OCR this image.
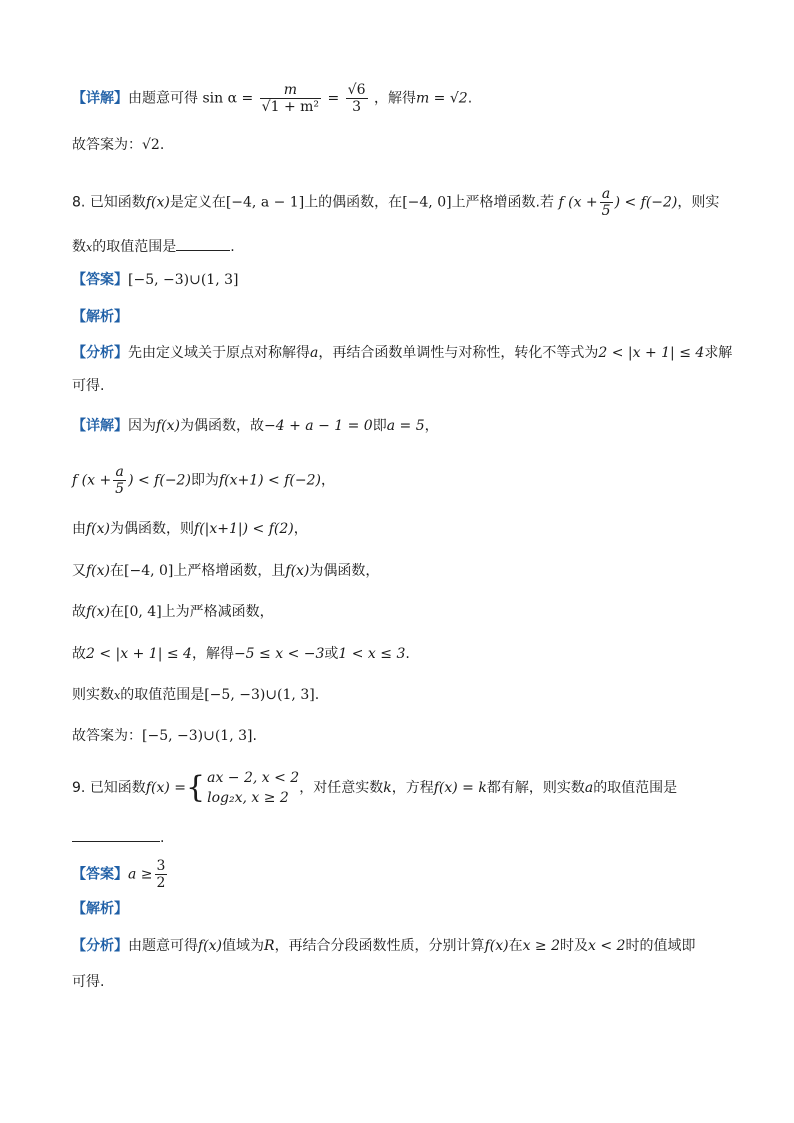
【详解】由题意可得 $\sin \alpha = \frac{m}{\text{√1 + m²}} = \frac{√6}{3}$ ，解得m = √2.
故答案为：√2.
8. 已知函数f(x)是定义在[−4, a − 1]上的偶函数，在[−4, 0]上严格增函数.若 f ($x + \frac{a}{5}$ ) < f(−2)，则实
数x的取值范围是	.
【答案】[−5, −3)∪(1, 3]
【解析】
【分析】先由定义域关于原点对称解得a，再结合函数单调性与对称性，转化不等式为2 < |x + 1| ≤ 4求解
可得.
【详解】因为f(x)为偶函数，故−4 + a − 1 = 0即a = 5，
f ($x + \frac{a}{5}$ ) < f(−2)即为f(x+1) < f(−2)，
由f(x)为偶函数，则f(|x+1|) < f(2)，
又f(x)在[−4, 0]上严格增函数，且f(x)为偶函数，
故f(x)在[0, 4]上为严格减函数，
故2 < |x + 1| ≤ 4，解得−5 ≤ x < −3或1 < x ≤ 3.
则实数x的取值范围是[−5, −3)∪(1, 3].
故答案为：[−5, −3)∪(1, 3].
9. 已知函数f(x) ={ ax − 2, x < 2
log₂x, x ≥ 2
，对任意实数k，方程f(x) = k都有解，则实数a的取值范围是
.
【答案】$a \ge \frac{3}{2}$
【解析】
【分析】由题意可得f(x)值域为R，再结合分段函数性质，分别计算f(x)在x ≥ 2时及x < 2时的值域即
可得.
